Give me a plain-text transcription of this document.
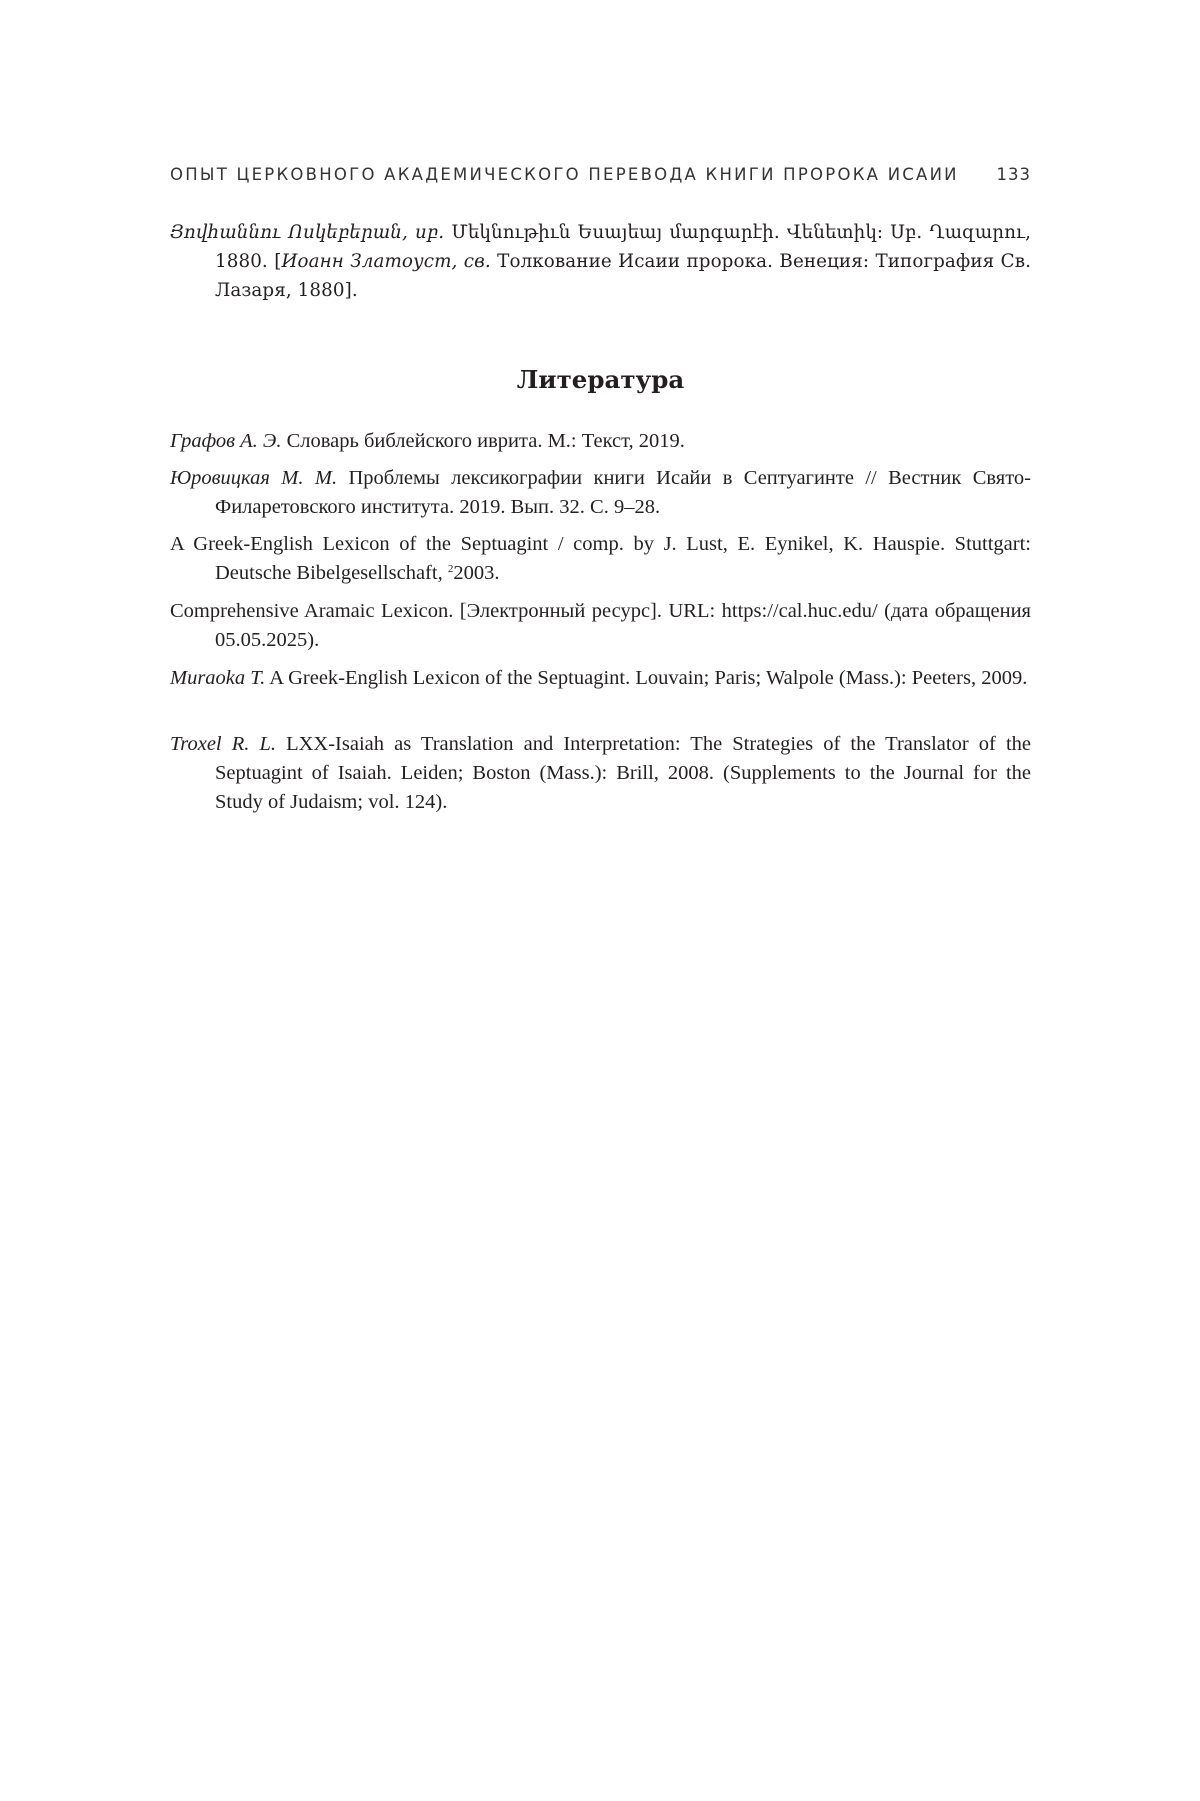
ОПЫТ ЦЕРКОВНОГО АКАДЕМИЧЕСКОГО ПЕРЕВОДА КНИГИ ПРОРОКА ИСАИИ 133
Յովհաննու Ոսկեբերան, սբ. Մեկնութիւն Եսայեայ մարգարէի. Վենետիկ: Սբ. Ղազարու, 1880. [Иоанн Златоуст, св. Толкование Исаии пророка. Венеция: Типография Св. Лазаря, 1880].
Литература
Графов А. Э. Словарь библейского иврита. М.: Текст, 2019.
Юровицкая М. М. Проблемы лексикографии книги Исайи в Септуагинте // Вестник Свято-Филаретовского института. 2019. Вып. 32. С. 9–28.
A Greek-English Lexicon of the Septuagint / comp. by J. Lust, E. Eynikel, K. Hauspie. Stuttgart: Deutsche Bibelgesellschaft, $^2$2003.
Comprehensive Aramaic Lexicon. [Электронный ресурс]. URL: https://cal.huc.edu/ (дата обращения 05.05.2025).
Muraoka T. A Greek-English Lexicon of the Septuagint. Louvain; Paris; Walpole (Mass.): Peeters, 2009.
Troxel R. L. LXX-Isaiah as Translation and Interpretation: The Strategies of the Translator of the Septuagint of Isaiah. Leiden; Boston (Mass.): Brill, 2008. (Supplements to the Journal for the Study of Judaism; vol. 124).
